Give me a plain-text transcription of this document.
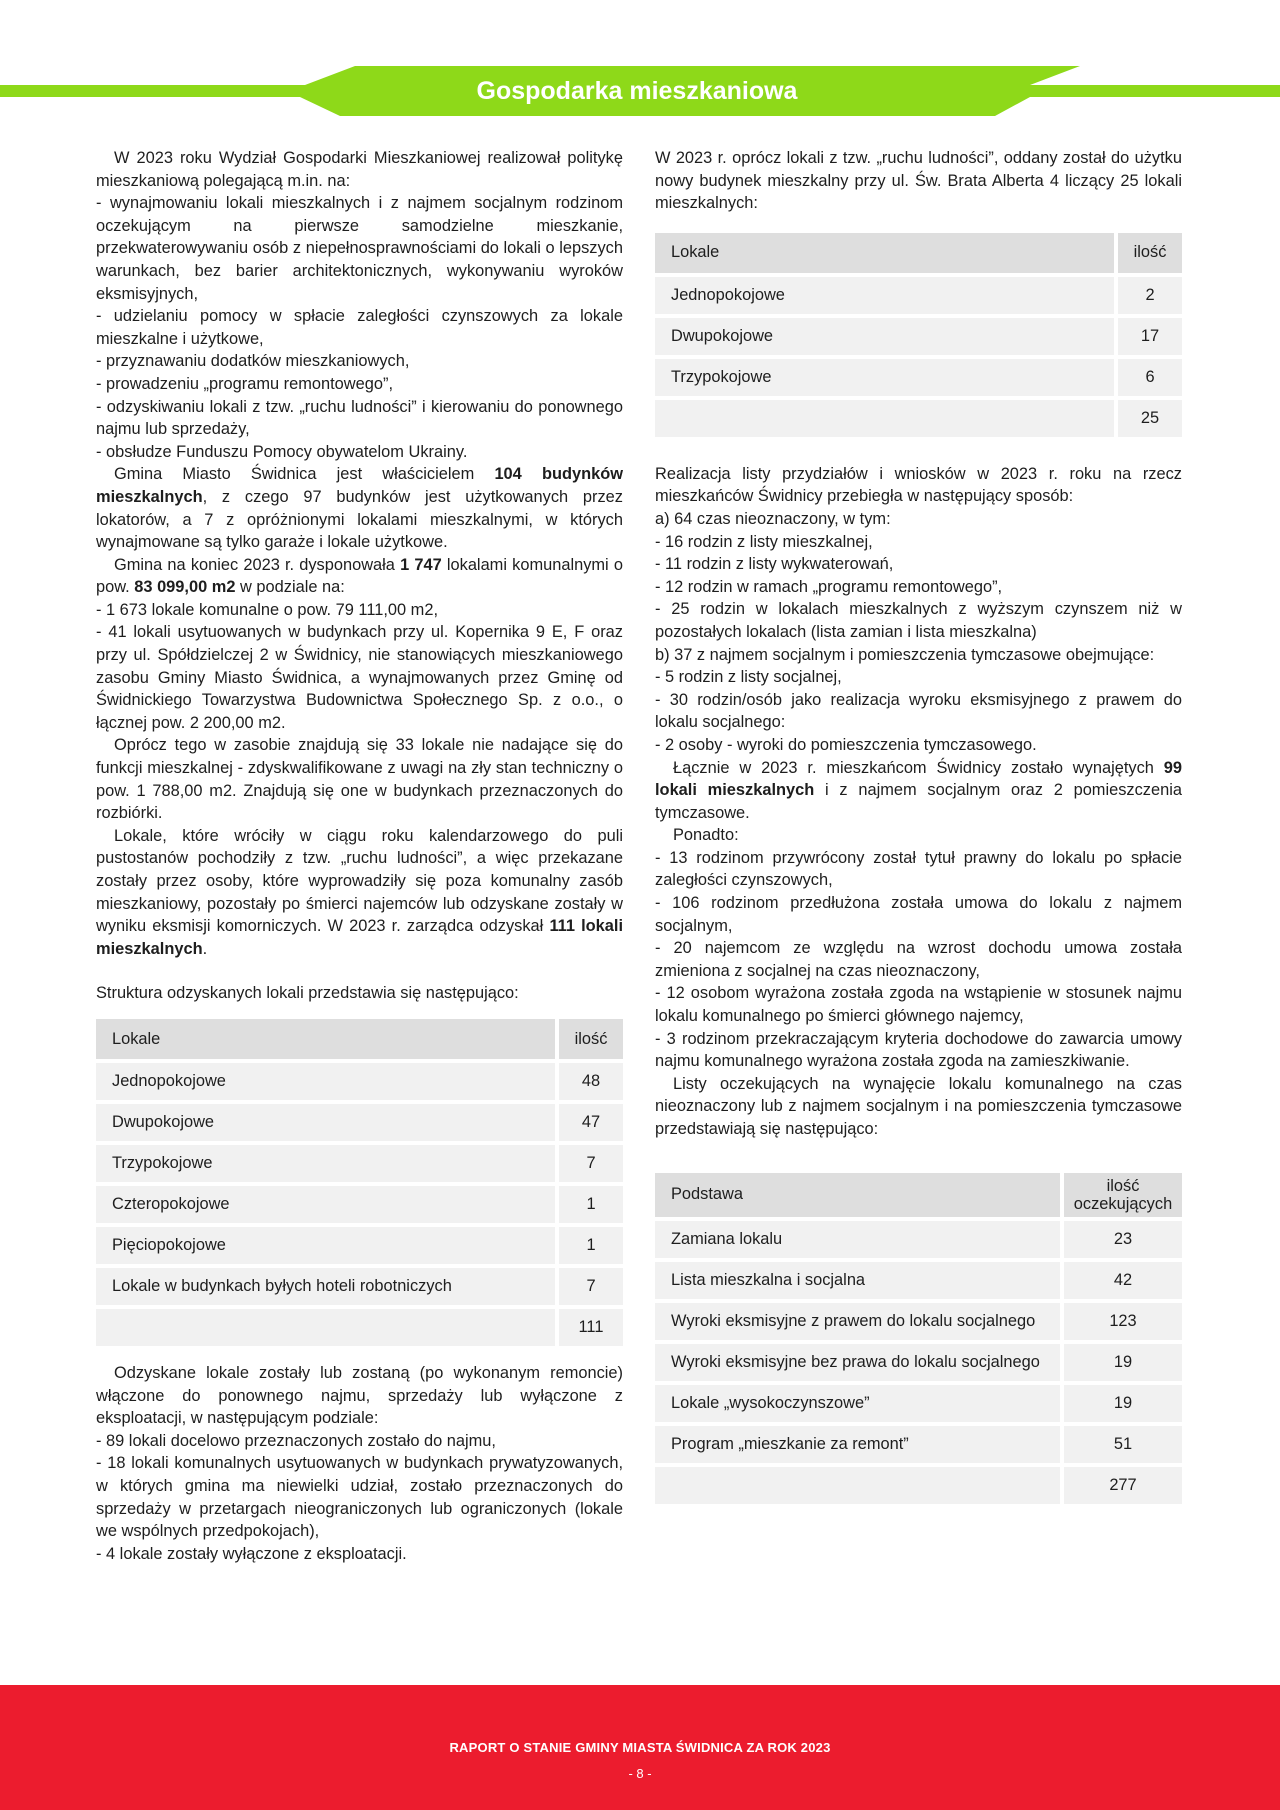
Gospodarka mieszkaniowa

W 2023 roku Wydział Gospodarki Mieszkaniowej realizował politykę mieszkaniową polegającą m.in. na:

- wynajmowaniu lokali mieszkalnych i z najmem socjalnym rodzinom oczekującym na pierwsze samodzielne mieszkanie, przekwaterowywaniu osób z niepełnosprawnościami do lokali o lepszych warunkach, bez barier architektonicznych, wykonywaniu wyroków eksmisyjnych,

- udzielaniu pomocy w spłacie zaległości czynszowych za lokale mieszkalne i użytkowe,

- przyznawaniu dodatków mieszkaniowych,

- prowadzeniu „programu remontowego”,

- odzyskiwaniu lokali z tzw. „ruchu ludności” i kierowaniu do ponownego najmu lub sprzedaży,

- obsłudze Funduszu Pomocy obywatelom Ukrainy.

Gmina Miasto Świdnica jest właścicielem 104 budynków mieszkalnych, z czego 97 budynków jest użytkowanych przez lokatorów, a 7 z opróżnionymi lokalami mieszkalnymi, w których wynajmowane są tylko garaże i lokale użytkowe.

Gmina na koniec 2023 r. dysponowała 1 747 lokalami komunalnymi o pow. 83 099,00 m2 w podziale na:

- 1 673 lokale komunalne o pow. 79 111,00 m2,

- 41 lokali usytuowanych w budynkach przy ul. Kopernika 9 E, F oraz przy ul. Spółdzielczej 2 w Świdnicy, nie stanowiących mieszkaniowego zasobu Gminy Miasto Świdnica, a wynajmowanych przez Gminę od Świdnickiego Towarzystwa Budownictwa Społecznego Sp. z o.o., o łącznej pow. 2 200,00 m2.

Oprócz tego w zasobie znajdują się 33 lokale nie nadające się do funkcji mieszkalnej - zdyskwalifikowane z uwagi na zły stan techniczny o pow. 1 788,00 m2. Znajdują się one w budynkach przeznaczonych do rozbiórki.

Lokale, które wróciły w ciągu roku kalendarzowego do puli pustostanów pochodziły z tzw. „ruchu ludności”, a więc przekazane zostały przez osoby, które wyprowadziły się poza komunalny zasób mieszkaniowy, pozostały po śmierci najemców lub odzyskane zostały w wyniku eksmisji komorniczych. W 2023 r. zarządca odzyskał 111 lokali mieszkalnych.

Struktura odzyskanych lokali przedstawia się następująco:

Lokale	ilość
Jednopokojowe	48
Dwupokojowe	47
Trzypokojowe	7
Czteropokojowe	1
Pięciopokojowe	1
Lokale w budynkach byłych hoteli robotniczych	7
	111

Odzyskane lokale zostały lub zostaną (po wykonanym remoncie) włączone do ponownego najmu, sprzedaży lub wyłączone z eksploatacji, w następującym podziale:

- 89 lokali docelowo przeznaczonych zostało do najmu,

- 18 lokali komunalnych usytuowanych w budynkach prywatyzowanych, w których gmina ma niewielki udział, zostało przeznaczonych do sprzedaży w przetargach nieograniczonych lub ograniczonych (lokale we wspólnych przedpokojach),

- 4 lokale zostały wyłączone z eksploatacji.

W 2023 r. oprócz lokali z tzw. „ruchu ludności”, oddany został do użytku nowy budynek mieszkalny przy ul. Św. Brata Alberta 4 liczący 25 lokali mieszkalnych:

Lokale	ilość
Jednopokojowe	2
Dwupokojowe	17
Trzypokojowe	6
	25

Realizacja listy przydziałów i wniosków w 2023 r. roku na rzecz mieszkańców Świdnicy przebiegła w następujący sposób:

a) 64 czas nieoznaczony, w tym:

- 16 rodzin z listy mieszkalnej,

- 11 rodzin z listy wykwaterowań,

- 12 rodzin w ramach „programu remontowego”,

- 25 rodzin w lokalach mieszkalnych z wyższym czynszem niż w pozostałych lokalach (lista zamian i lista mieszkalna)

b) 37 z najmem socjalnym i pomieszczenia tymczasowe obejmujące:

- 5 rodzin z listy socjalnej,

- 30 rodzin/osób jako realizacja wyroku eksmisyjnego z prawem do lokalu socjalnego:

- 2 osoby - wyroki do pomieszczenia tymczasowego.

Łącznie w 2023 r. mieszkańcom Świdnicy zostało wynajętych 99 lokali mieszkalnych i z najmem socjalnym oraz 2 pomieszczenia tymczasowe.

Ponadto:

- 13 rodzinom przywrócony został tytuł prawny do lokalu po spłacie zaległości czynszowych,

- 106 rodzinom przedłużona została umowa do lokalu z najmem socjalnym,

- 20 najemcom ze względu na wzrost dochodu umowa została zmieniona z socjalnej na czas nieoznaczony,

- 12 osobom wyrażona została zgoda na wstąpienie w stosunek najmu lokalu komunalnego po śmierci głównego najemcy,

- 3 rodzinom przekraczającym kryteria dochodowe do zawarcia umowy najmu komunalnego wyrażona została zgoda na zamieszkiwanie.

Listy oczekujących na wynajęcie lokalu komunalnego na czas nieoznaczony lub z najmem socjalnym i na pomieszczenia tymczasowe przedstawiają się następująco:

Podstawa	ilość
oczekujących
Zamiana lokalu	23
Lista mieszkalna i socjalna	42
Wyroki eksmisyjne z prawem do lokalu socjalnego	123
Wyroki eksmisyjne bez prawa do lokalu socjalnego	19
Lokale „wysokoczynszowe”	19
Program „mieszkanie za remont”	51
	277
RAPORT O STANIE GMINY MIASTA ŚWIDNICA ZA ROK 2023
- 8 -
